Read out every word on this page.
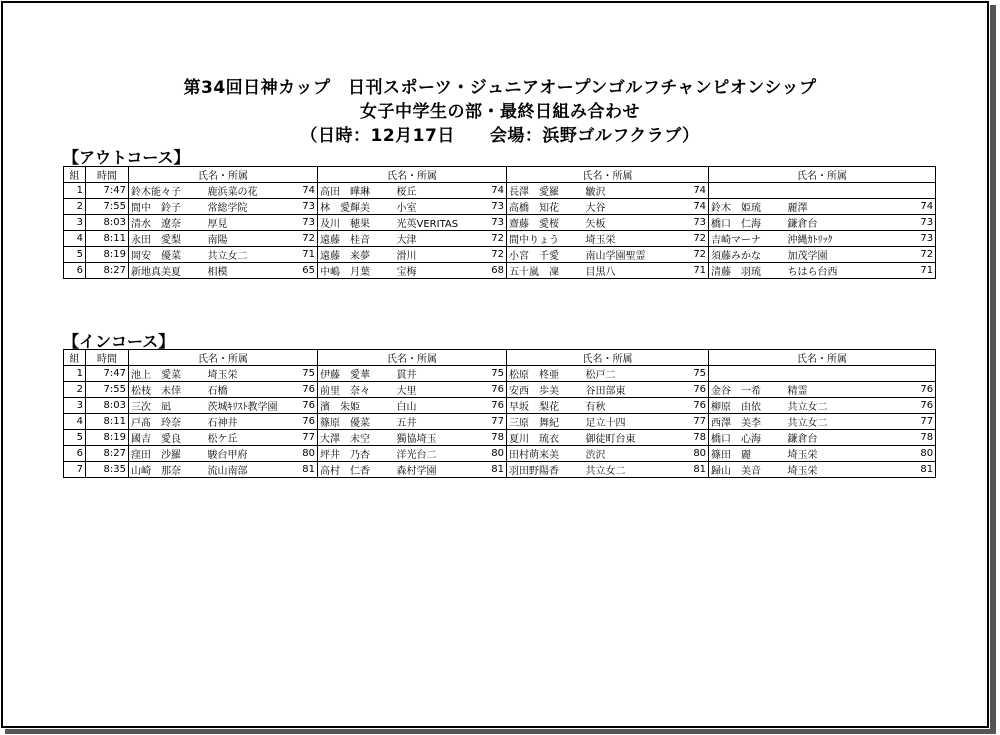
第34回日神カップ　日刊スポーツ・ジュニアオープンゴルフチャンピオンシップ
女子中学生の部・最終日組み合わせ
（日時：12月17日　　会場：浜野ゴルフクラブ）
【アウトコース】
組	時間	氏名・所属			氏名・所属			氏名・所属			氏名・所属		
1	7:47	鈴木能々子	鹿浜菜の花	74	高田　曄琳	桜丘	74	長澤　愛羅	皺沢	74			
2	7:55	間中　鈴子	常総学院	73	林　愛輝美	小室	73	高橋　知花	大谷	74	鈴木　姫琉	麗澤	74
3	8:03	清水　遼奈	厚見	73	及川　穂果	光英VERITAS	73	齋藤　愛桜	矢板	73	橋口　仁海	鎌倉台	73
4	8:11	永田　愛梨	南陽	72	遠藤　桂音	大津	72	間中りょう	埼玉栄	72	吉崎マーナ	沖縄ｶﾄﾘｯｸ	73
5	8:19	岡安　優菜	共立女二	71	遠藤　来夢	滑川	72	小宮　千愛	南山学園聖霊	72	須藤みかな	加茂学園	72
6	8:27	新地真美夏	相模	65	中嶋　月葉	宝梅	68	五十嵐　凜	目黒八	71	清藤　羽琉	ちはら台西	71
【インコース】
組	時間	氏名・所属			氏名・所属			氏名・所属			氏名・所属		
1	7:47	池上　愛菜	埼玉栄	75	伊藤　愛華	貫井	75	松原　柊亜	松戸二	75			
2	7:55	松枝　未倖	石橋	76	前里　奈々	大里	76	安西　歩美	谷田部東	76	金谷　一希	精霊	76
3	8:03	三次　凪	茨城ｷﾘｽﾄ教学園	76	濱　朱姫	白山	76	早坂　梨花	有秋	76	柳原　由依	共立女二	76
4	8:11	戸髙　玲奈	石神井	76	篠原　優菜	五井	77	三原　舞紀	足立十四	77	西澤　美李	共立女二	77
5	8:19	國吉　愛良	松ケ丘	77	大澤　未空	獨協埼玉	78	夏川　琉衣	御徒町台東	78	橋口　心海	鎌倉台	78
6	8:27	窪田　沙羅	駿台甲府	80	坪井　乃杏	洋光台二	80	田村萌来美	渋沢	80	篠田　麗	埼玉栄	80
7	8:35	山崎　那奈	流山南部	81	高村　仁香	森村学園	81	羽田野陽香	共立女二	81	歸山　美音	埼玉栄	81
